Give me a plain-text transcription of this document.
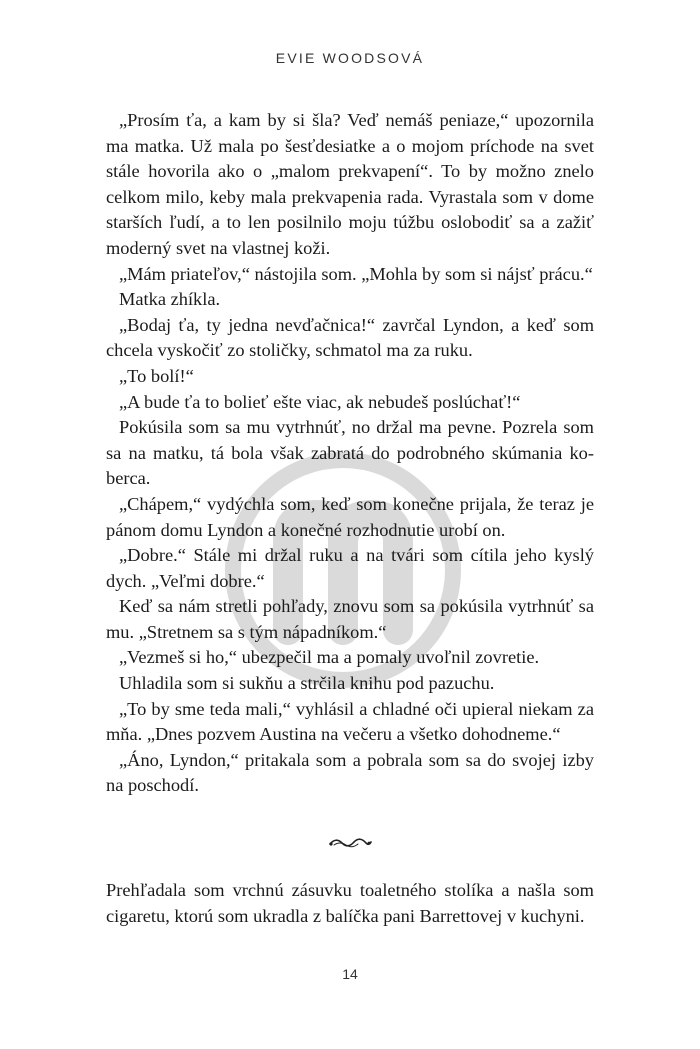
EVIE WOODSOVÁ

„Prosím ťa, a kam by si šla? Veď nemáš peniaze,“ upozornila ma matka. Už mala po šesťdesiatke a o mojom príchode na svet stále hovorila ako o „malom prekvapení“. To by možno znelo celkom milo, keby mala prekvapenia rada. Vyrastala som v dome starších ľudí, a to len posilnilo moju túžbu oslobodiť sa a zažiť moderný svet na vlastnej koži.

„Mám priateľov,“ nástojila som. „Mohla by som si nájsť prácu.“

Matka zhíkla.

„Bodaj ťa, ty jedna nevďačnica!“ zavrčal Lyndon, a keď som chcela vyskočiť zo stoličky, schmatol ma za ruku.

„To bolí!“

„A bude ťa to bolieť ešte viac, ak nebudeš poslúchať!“

Pokúsila som sa mu vytrhnúť, no držal ma pevne. Pozrela som sa na matku, tá bola však zabratá do podrobného skúmania koberca.

„Chápem,“ vydýchla som, keď som konečne prijala, že teraz je pánom domu Lyndon a konečné rozhodnutie urobí on.

„Dobre.“ Stále mi držal ruku a na tvári som cítila jeho kyslý dych. „Veľmi dobre.“

Keď sa nám stretli pohľady, znovu som sa pokúsila vytrhnúť sa mu. „Stretnem sa s tým nápadníkom.“

„Vezmeš si ho,“ ubezpečil ma a pomaly uvoľnil zovretie.

Uhladila som si sukňu a strčila knihu pod pazuchu.

„To by sme teda mali,“ vyhlásil a chladné oči upieral niekam za mňa. „Dnes pozvem Austina na večeru a všetko dohodneme.“

„Áno, Lyndon,“ pritakala som a pobrala som sa do svojej izby na poschodí.

Prehľadala som vrchnú zásuvku toaletného stolíka a našla som cigaretu, ktorú som ukradla z balíčka pani Barrettovej v kuchyni.

14
